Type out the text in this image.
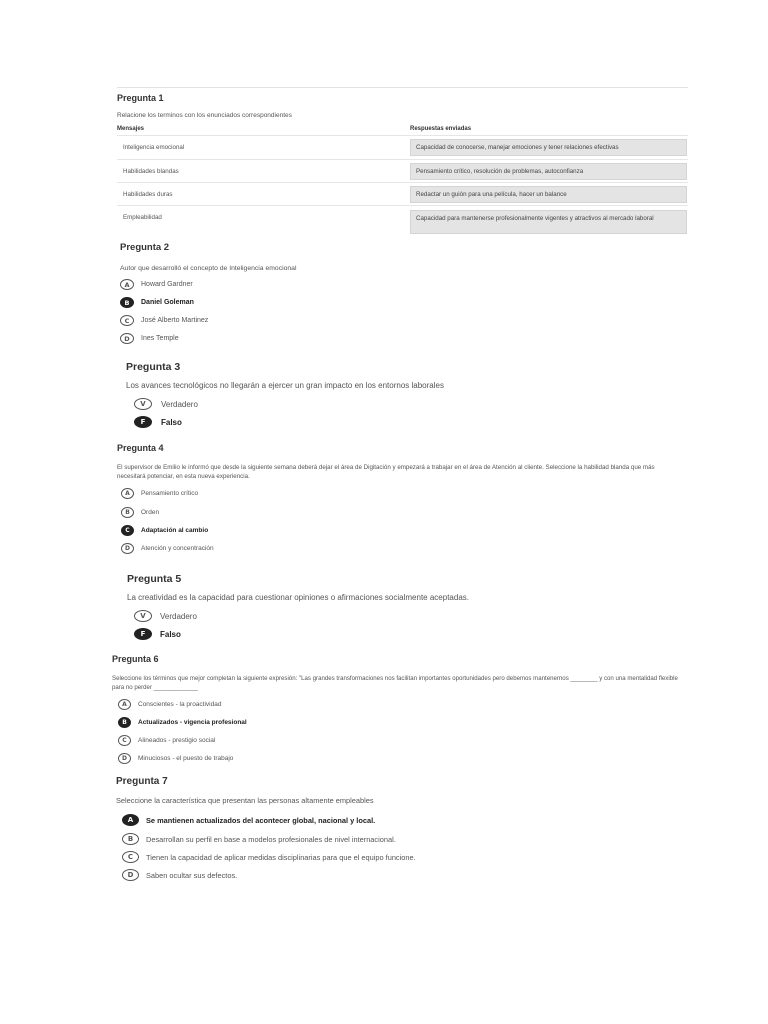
Pregunta 1
Relacione los terminos con los enunciados correspondientes
Mensajes	Respuestas enviadas
Inteligencia emocional	Capacidad de conocerse, manejar emociones y tener relaciones efectivas
Habilidades blandas	Pensamiento crítico, resolución de problemas, autoconfianza
Habilidades duras	Redactar un guión para una película, hacer un balance
Empleabilidad	Capacidad para mantenerse profesionalmente vigentes y atractivos al mercado laboral
Pregunta 2
Autor que desarrolló el concepto de Inteligencia emocional
A	Howard Gardner
B	Daniel Goleman
C	José Alberto Martinez
D	Ines Temple
Pregunta 3
Los avances tecnológicos no llegarán a ejercer un gran impacto en los entornos laborales
V	Verdadero
F	Falso
Pregunta 4
El supervisor de Emilio le informó que desde la siguiente semana deberá dejar el área de Digitación y empezará a trabajar en el área de Atención al cliente. Seleccione la habilidad blanda que más necesitará potenciar, en esta nueva experiencia.
A	Pensamiento crítico
B	Orden
C	Adaptación al cambio
D	Atención y concentración
Pregunta 5
La creatividad es la capacidad para cuestionar opiniones o afirmaciones socialmente aceptadas.
V	Verdadero
F	Falso
Pregunta 6
Seleccione los términos que mejor completan la siguiente expresión: "Las grandes transformaciones nos facilitan importantes oportunidades pero debemos mantenernos ________ y con una mentalidad flexible para no perder _____________
A	Conscientes - la proactividad
B	Actualizados - vigencia profesional
C	Alineados - prestigio social
D	Minuciosos - el puesto de trabajo
Pregunta 7
Seleccione la característica que presentan las personas altamente empleables
A	Se mantienen actualizados del acontecer global, nacional y local.
B	Desarrollan su perfil en base a modelos profesionales de nivel internacional.
C	Tienen la capacidad de aplicar medidas disciplinarias para que el equipo funcione.
D	Saben ocultar sus defectos.
